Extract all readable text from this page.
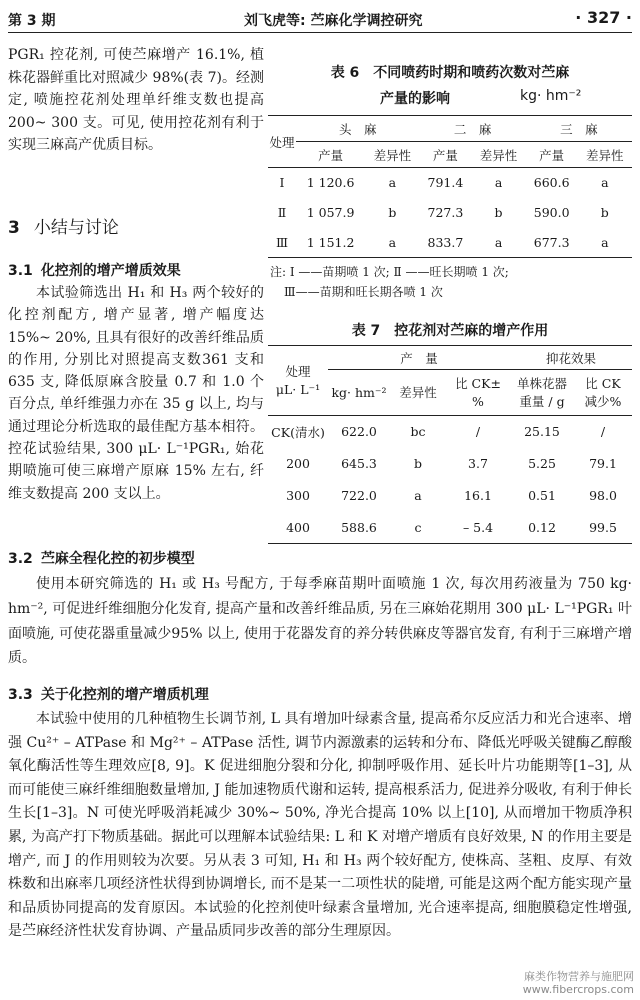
第 3 期	刘飞虎等: 苎麻化学调控研究	· 327 ·
PGR₁ 控花剂, 可使苎麻增产 16.1%, 植株花器鲜重比对照减少 98%(表 7)。经测定, 喷施控花剂处理单纤维支数也提高 200~ 300 支。可见, 使用控花剂有利于实现三麻高产优质目标。
3 小结与讨论
3.1 化控剂的增产增质效果
本试验筛选出 H₁ 和 H₃ 两个较好的化控剂配方, 增产显著, 增产幅度达 15%~ 20%, 且具有很好的改善纤维品质的作用, 分别比对照提高支数361 支和 635 支, 降低原麻含胶量 0.7 和 1.0 个百分点, 单纤维强力亦在 35 g 以上, 均与通过理论分析选取的最佳配方基本相符。控花试验结果, 300 μL· L⁻¹PGR₁, 始花期喷施可使三麻增产原麻 15% 左右, 纤维支数提高 200 支以上。
表 6　不同喷药时期和喷药次数对苎麻
产量的影响	kg· hm⁻²
处理	头　麻		二　麻		三　麻	
	产量	差异性	产量	差异性	产量	差异性
Ⅰ	1 120.6	a	791.4	a	660.6	a
Ⅱ	1 057.9	b	727.3	b	590.0	b
Ⅲ	1 151.2	a	833.7	a	677.3	a
注: Ⅰ ——苗期喷 1 次; Ⅱ ——旺长期喷 1 次;
Ⅲ——苗期和旺长期各喷 1 次
表 7　控花剂对苎麻的增产作用
处理
μL· L⁻¹	产　量			抑花效果	
	kg· hm⁻²	差异性	比 CK± %	单株花器重量 / g	比 CK 减少%
CK(清水)	622.0	bc	/	25.15	/
200	645.3	b	3.7	5.25	79.1
300	722.0	a	16.1	0.51	98.0
400	588.6	c	– 5.4	0.12	99.5
3.2 苎麻全程化控的初步模型
使用本研究筛选的 H₁ 或 H₃ 号配方, 于每季麻苗期叶面喷施 1 次, 每次用药液量为 750 kg· hm⁻², 可促进纤维细胞分化发育, 提高产量和改善纤维品质, 另在三麻始花期用 300 μL· L⁻¹PGR₁ 叶面喷施, 可使花器重量减少95% 以上, 使用于花器发育的养分转供麻皮等器官发育, 有利于三麻增产增质。
3.3 关于化控剂的增产增质机理
本试验中使用的几种植物生长调节剂, L 具有增加叶绿素含量, 提高希尔反应活力和光合速率、增强 Cu²⁺ – ATPase 和 Mg²⁺ – ATPase 活性, 调节内源激素的运转和分布、降低光呼吸关键酶乙醇酸氧化酶活性等生理效应[8, 9]。K 促进细胞分裂和分化, 抑制呼吸作用、延长叶片功能期等[1–3], 从而可能使三麻纤维细胞数量增加, J 能加速物质代谢和运转, 提高根系活力, 促进养分吸收, 有利于伸长生长[1–3]。N 可使光呼吸消耗减少 30%~ 50%, 净光合提高 10% 以上[10], 从而增加干物质净积累, 为高产打下物质基础。据此可以理解本试验结果: L 和 K 对增产增质有良好效果, N 的作用主要是增产, 而 J 的作用则较为次要。另从表 3 可知, H₁ 和 H₃ 两个较好配方, 使株高、茎粗、皮厚、有效株数和出麻率几项经济性状得到协调增长, 而不是某一二项性状的陡增, 可能是这两个配方能实现产量和品质协同提高的发育原因。本试验的化控剂使叶绿素含量增加, 光合速率提高, 细胞膜稳定性增强, 是苎麻经济性状发育协调、产量品质同步改善的部分生理原因。
麻类作物营养与施肥网
www.fibercrops.com
